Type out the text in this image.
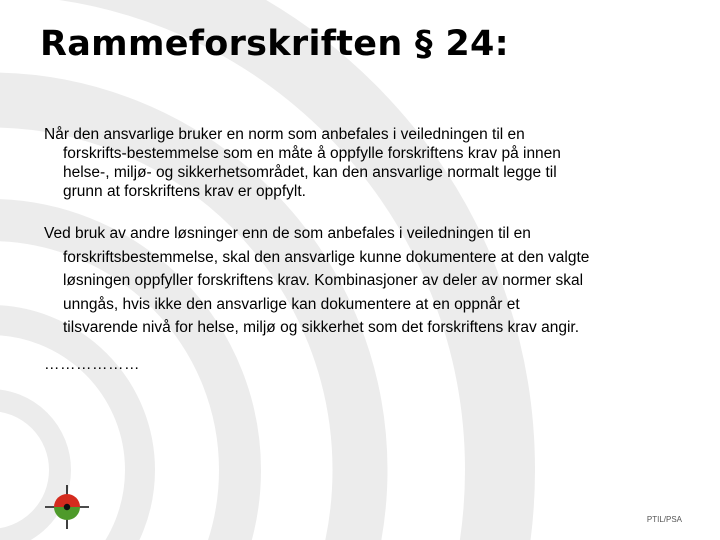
Rammeforskriften § 24:

Når den ansvarlige bruker en norm som anbefales i veiledningen til en
forskrifts-bestemmelse som en måte å oppfylle forskriftens krav på innen
helse-, miljø- og sikkerhetsområdet, kan den ansvarlige normalt legge til
grunn at forskriftens krav er oppfylt.

Ved bruk av andre løsninger enn de som anbefales i veiledningen til en
forskriftsbestemmelse, skal den ansvarlige kunne dokumentere at den valgte
løsningen oppfyller forskriftens krav. Kombinasjoner av deler av normer skal
unngås, hvis ikke den ansvarlige kan dokumentere at en oppnår et
tilsvarende nivå for helse, miljø og sikkerhet som det forskriftens krav angir.

………………
PTIL/PSA
